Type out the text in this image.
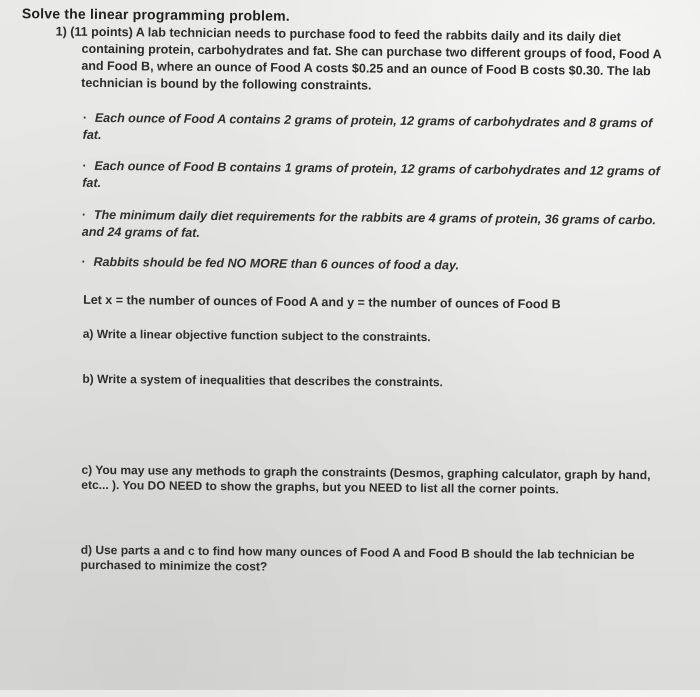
Solve the linear programming problem.
1) (11 points) A lab technician needs to purchase food to feed the rabbits daily and its daily diet containing protein, carbohydrates and fat. She can purchase two different groups of food, Food A and Food B, where an ounce of Food A costs $0.25 and an ounce of Food B costs $0.30. The lab technician is bound by the following constraints.
· Each ounce of Food A contains 2 grams of protein, 12 grams of carbohydrates and 8 grams of fat.
· Each ounce of Food B contains 1 grams of protein, 12 grams of carbohydrates and 12 grams of fat.
· The minimum daily diet requirements for the rabbits are 4 grams of protein, 36 grams of carbo. and 24 grams of fat.
· Rabbits should be fed NO MORE than 6 ounces of food a day.
Let x = the number of ounces of Food A and y = the number of ounces of Food B
a) Write a linear objective function subject to the constraints.
b) Write a system of inequalities that describes the constraints.
c) You may use any methods to graph the constraints (Desmos, graphing calculator, graph by hand, etc... ). You DO NEED to show the graphs, but you NEED to list all the corner points.
d) Use parts a and c to find how many ounces of Food A and Food B should the lab technician be purchased to minimize the cost?
